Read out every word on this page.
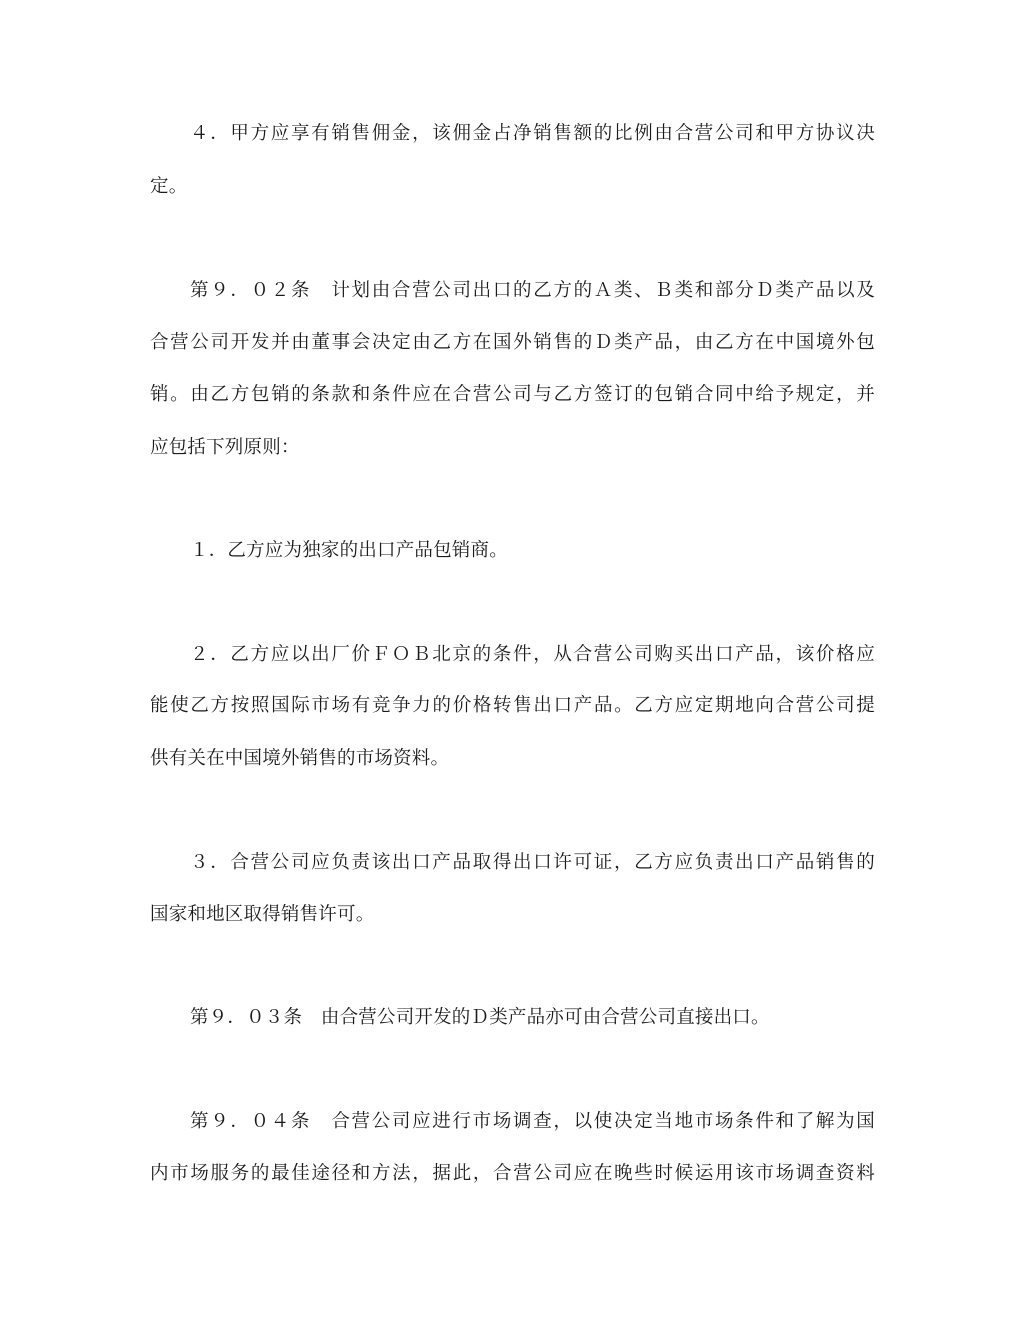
４．甲方应享有销售佣金，该佣金占净销售额的比例由合营公司和甲方协议决
定。
第９．０２条　计划由合营公司出口的乙方的Ａ类、Ｂ类和部分Ｄ类产品以及
合营公司开发并由董事会决定由乙方在国外销售的Ｄ类产品，由乙方在中国境外包
销。由乙方包销的条款和条件应在合营公司与乙方签订的包销合同中给予规定，并
应包括下列原则：
１．乙方应为独家的出口产品包销商。
２．乙方应以出厂价ＦＯＢ北京的条件，从合营公司购买出口产品，该价格应
能使乙方按照国际市场有竞争力的价格转售出口产品。乙方应定期地向合营公司提
供有关在中国境外销售的市场资料。
３．合营公司应负责该出口产品取得出口许可证，乙方应负责出口产品销售的
国家和地区取得销售许可。
第９．０３条　由合营公司开发的Ｄ类产品亦可由合营公司直接出口。
第９．０４条　合营公司应进行市场调查，以使决定当地市场条件和了解为国
内市场服务的最佳途径和方法，据此，合营公司应在晚些时候运用该市场调查资料
